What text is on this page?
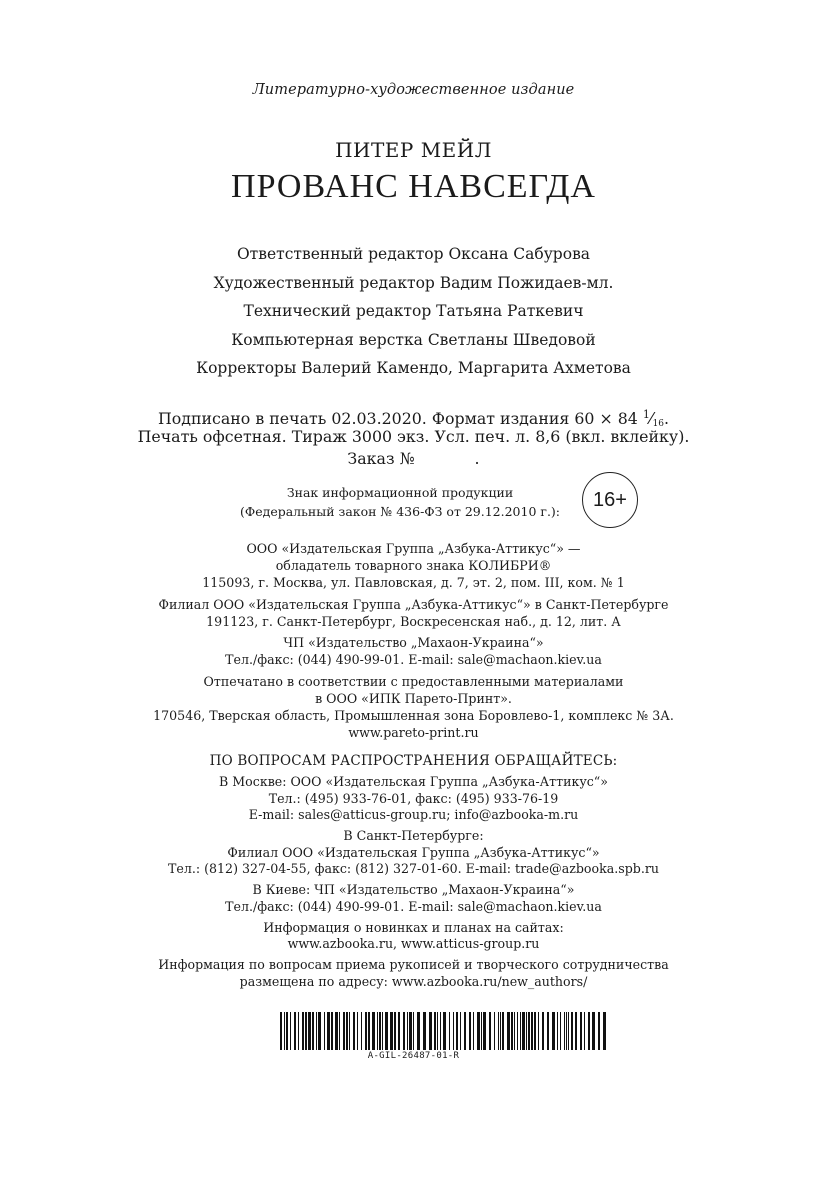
Литературно-художественное издание
ПИТЕР МЕЙЛ
ПРОВАНС НАВСЕГДА
Ответственный редактор Оксана Сабурова
Художественный редактор Вадим Пожидаев-мл.
Технический редактор Татьяна Раткевич
Компьютерная верстка Светланы Шведовой
Корректоры Валерий Камендо, Маргарита Ахметова
Подписано в печать 02.03.2020. Формат издания 60 × 84 $^1$⁄16.
Печать офсетная. Тираж 3000 экз. Усл. печ. л. 8,6 (вкл. вклейку).
Заказ №	.
Знак информационной продукции
(Федеральный закон № 436-ФЗ от 29.12.2010 г.):	16+
ООО «Издательская Группа „Азбука-Аттикус“» —
обладатель товарного знака КОЛИБРИ®
115093, г. Москва, ул. Павловская, д. 7, эт. 2, пом. III, ком. № 1
Филиал ООО «Издательская Группа „Азбука-Аттикус“» в Санкт-Петербурге
191123, г. Санкт-Петербург, Воскресенская наб., д. 12, лит. А
ЧП «Издательство „Махаон-Украина“»
Тел./факс: (044) 490-99-01. E-mail: sale@machaon.kiev.ua
Отпечатано в соответствии с предоставленными материалами
в ООО «ИПК Парето-Принт».
170546, Тверская область, Промышленная зона Боровлево-1, комплекс № 3А.
www.pareto-print.ru
ПО ВОПРОСАМ РАСПРОСТРАНЕНИЯ ОБРАЩАЙТЕСЬ:
В Москве: ООО «Издательская Группа „Азбука-Аттикус“»
Тел.: (495) 933-76-01, факс: (495) 933-76-19
E-mail: sales@atticus-group.ru; info@azbooka-m.ru
В Санкт-Петербурге:
Филиал ООО «Издательская Группа „Азбука-Аттикус“»
Тел.: (812) 327-04-55, факс: (812) 327-01-60. E-mail: trade@azbooka.spb.ru
В Киеве: ЧП «Издательство „Махаон-Украина“»
Тел./факс: (044) 490-99-01. E-mail: sale@machaon.kiev.ua
Информация о новинках и планах на сайтах:
www.azbooka.ru, www.atticus-group.ru
Информация по вопросам приема рукописей и творческого сотрудничества
размещена по адресу: www.azbooka.ru/new_authors/
A-GIL-26487-01-R
